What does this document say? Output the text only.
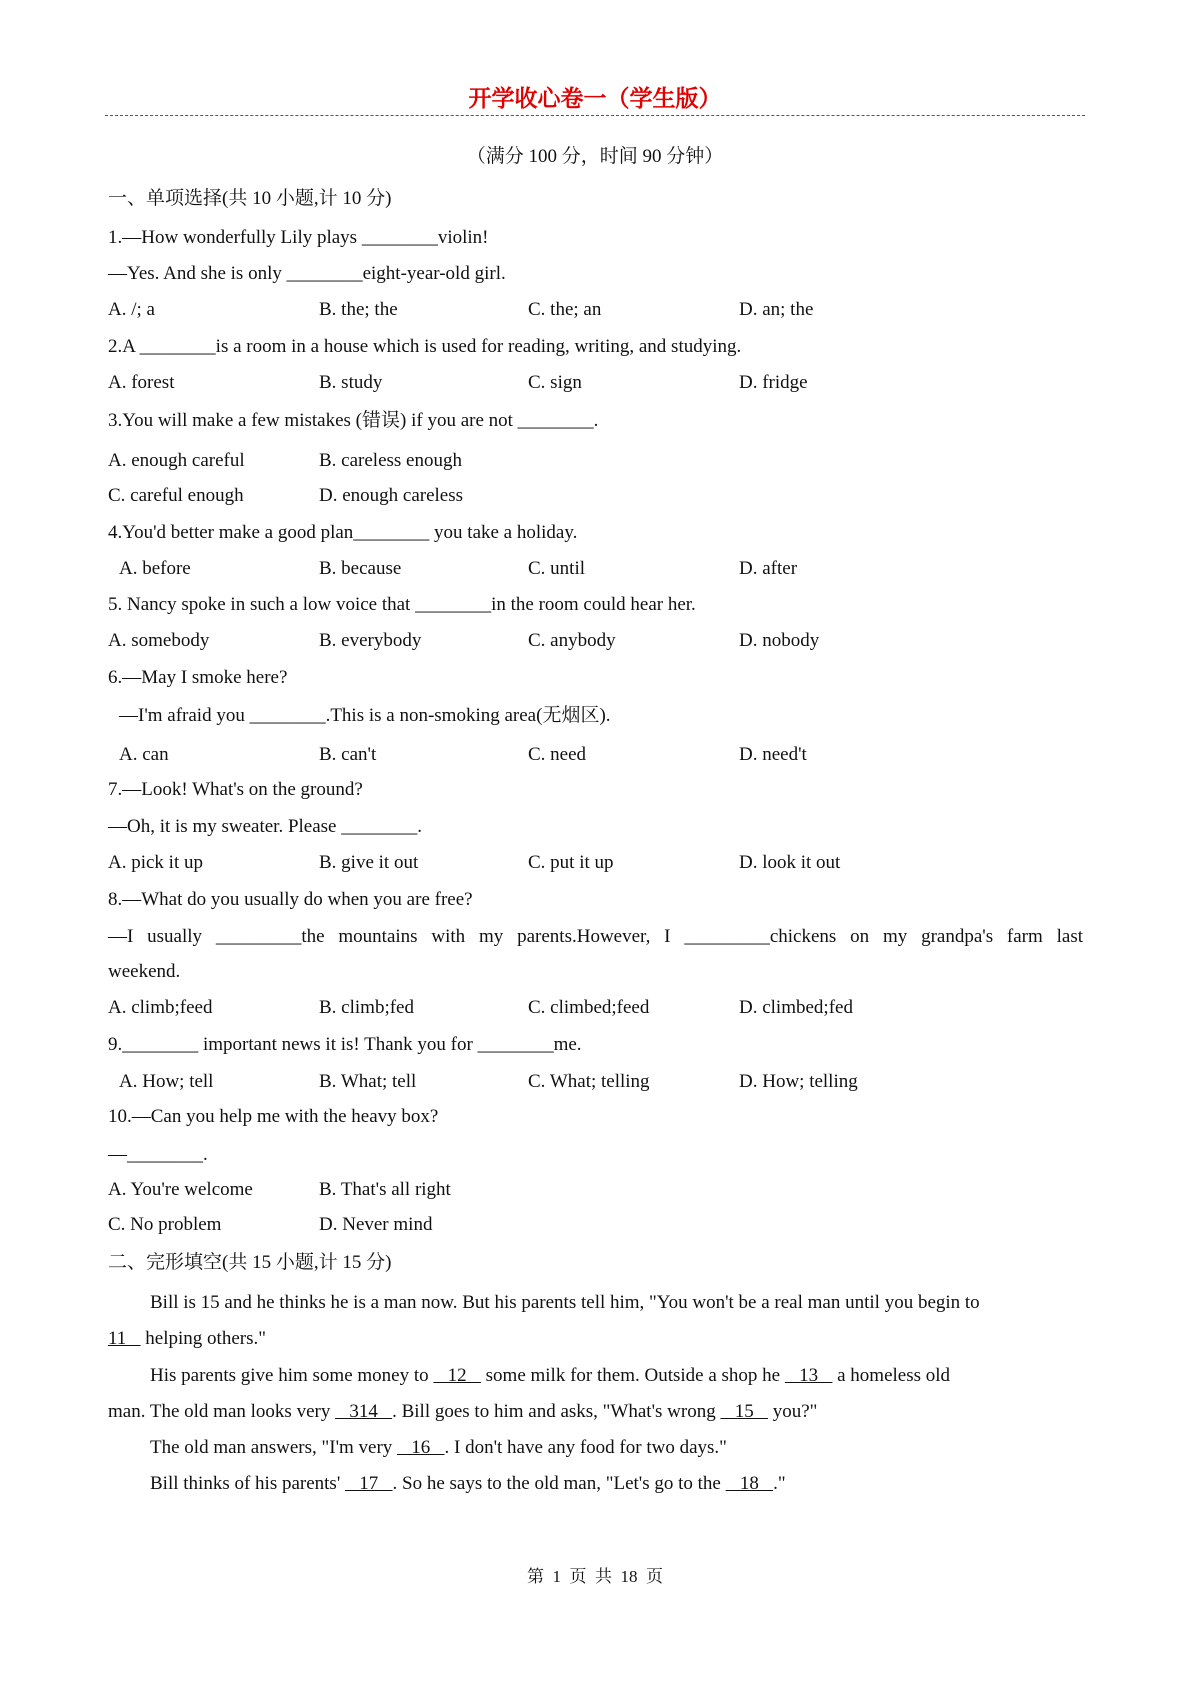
开学收心卷一（学生版）
（满分 100 分，时间 90 分钟）
一、单项选择(共 10 小题,计 10 分)
1.—How wonderfully Lily plays ________violin!
—Yes. And she is only ________eight-year-old girl.
A. /; a	B. the; the	C. the; an	D. an; the
2.A ________is a room in a house which is used for reading, writing, and studying.
A. forest	B. study	C. sign	D. fridge
3.You will make a few mistakes (错误) if you are not ________.
A. enough careful	B. careless enough
C. careful enough	D. enough careless
4.You'd better make a good plan________ you take a holiday.
A. before	B. because	C. until	D. after
5. Nancy spoke in such a low voice that ________in the room could hear her.
A. somebody	B. everybody	C. anybody	D. nobody
6.—May I smoke here?
—I'm afraid you ________.This is a non-smoking area(无烟区).
A. can	B. can't	C. need	D. need't
7.—Look! What's on the ground?
—Oh, it is my sweater. Please ________.
A. pick it up	B. give it out	C. put it up	D. look it out
8.—What do you usually do when you are free?
—I usually _________the mountains with my parents.However, I _________chickens on my grandpa's farm last
weekend.
A. climb;feed	B. climb;fed	C. climbed;feed	D. climbed;fed
9.________ important news it is! Thank you for ________me.
A. How; tell	B. What; tell	C. What; telling	D. How; telling
10.—Can you help me with the heavy box?
—________.
A. You're welcome	B. That's all right
C. No problem	D. Never mind
二、完形填空(共 15 小题,计 15 分)
Bill is 15 and he thinks he is a man now. But his parents tell him, "You won't be a real man until you begin to
11    helping others."
His parents give him some money to    12    some milk for them. Outside a shop he    13    a homeless old
man. The old man looks very    314   . Bill goes to him and asks, "What's wrong    15    you?"
The old man answers, "I'm very    16   . I don't have any food for two days."
Bill thinks of his parents'    17   . So he says to the old man, "Let's go to the    18   ."
第  1  页  共  18  页
